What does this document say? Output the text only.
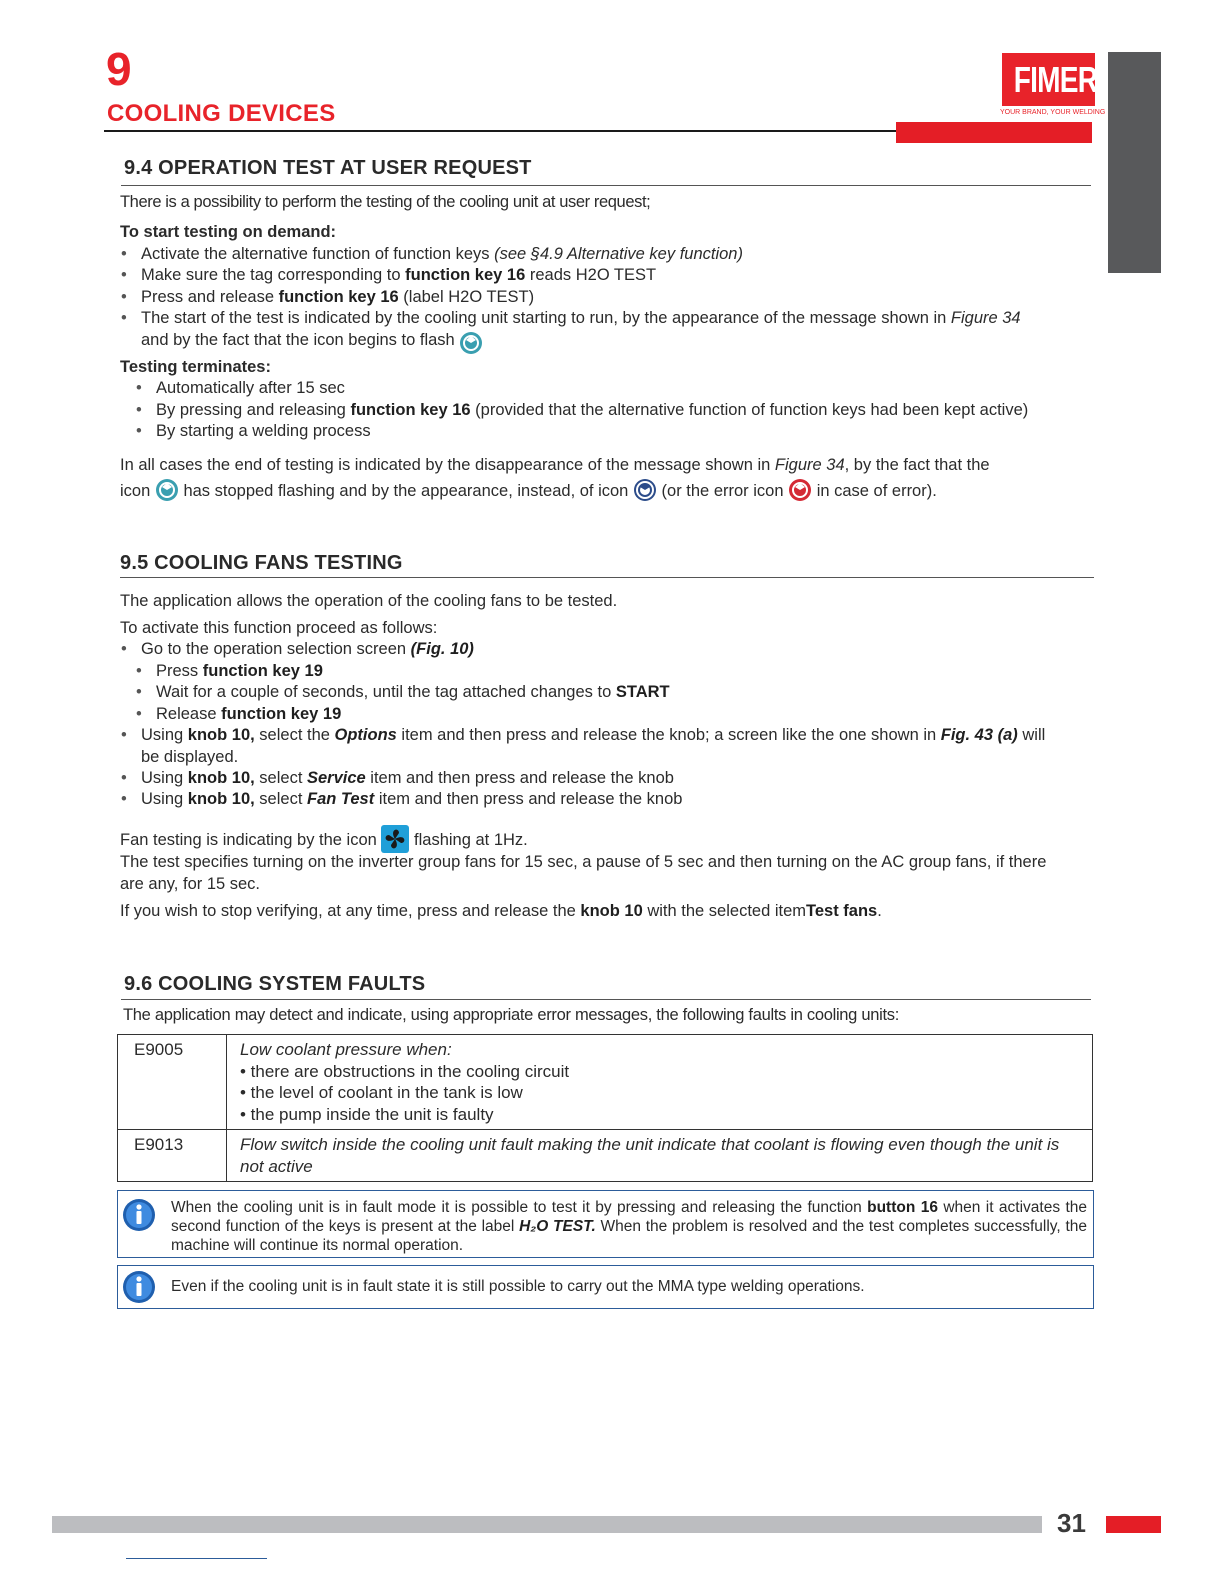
9
COOLING DEVICES
FIMER
YOUR BRAND, YOUR WELDING
9.4 OPERATION TEST AT USER REQUEST
There is a possibility to perform the testing of the cooling unit at user request;
To start testing on demand:
• Activate the alternative function of function keys (see §4.9 Alternative key function)
• Make sure the tag corresponding to function key 16 reads H2O TEST
• Press and release function key 16 (label H2O TEST)
• The start of the test is indicated by the cooling unit starting to run, by the appearance of the message shown in Figure 34
and by the fact that the icon begins to flash
Testing terminates:
• Automatically after 15 sec
• By pressing and releasing function key 16 (provided that the alternative function of function keys had been kept active)
• By starting a welding process
In all cases the end of testing is indicated by the disappearance of the message shown in Figure 34, by the fact that the
icon  has stopped flashing and by the appearance, instead, of icon  (or the error icon  in case of error).
9.5 COOLING FANS TESTING
The application allows the operation of the cooling fans to be tested.
To activate this function proceed as follows:
• Go to the operation selection screen (Fig. 10)
• Press function key 19
• Wait for a couple of seconds, until the tag attached changes to START
• Release function key 19
• Using knob 10, select the Options item and then press and release the knob; a screen like the one shown in Fig. 43 (a) will
be displayed.
• Using knob 10, select Service item and then press and release the knob
• Using knob 10, select Fan Test item and then press and release the knob
Fan testing is indicating by the icon  flashing at 1Hz.
The test specifies turning on the inverter group fans for 15 sec, a pause of 5 sec and then turning on the AC group fans, if there
are any, for 15 sec.
If you wish to stop verifying, at any time, press and release the knob 10 with the selected itemTest fans.
9.6 COOLING SYSTEM FAULTS
The application may detect and indicate, using appropriate error messages, the following faults in cooling units:
E9005	Low coolant pressure when:
• there are obstructions in the cooling circuit
• the level of coolant in the tank is low
• the pump inside the unit is faulty

E9013	Flow switch inside the cooling unit fault making the unit indicate that coolant is flowing even though the unit is not active
When the cooling unit is in fault mode it is possible to test it by pressing and releasing the function button 16 when it activates the second function of the keys is present at the label H₂O TEST. When the problem is resolved and the test completes successfully, the machine will continue its normal operation.
Even if the cooling unit is in fault state it is still possible to carry out the MMA type welding operations.
31
